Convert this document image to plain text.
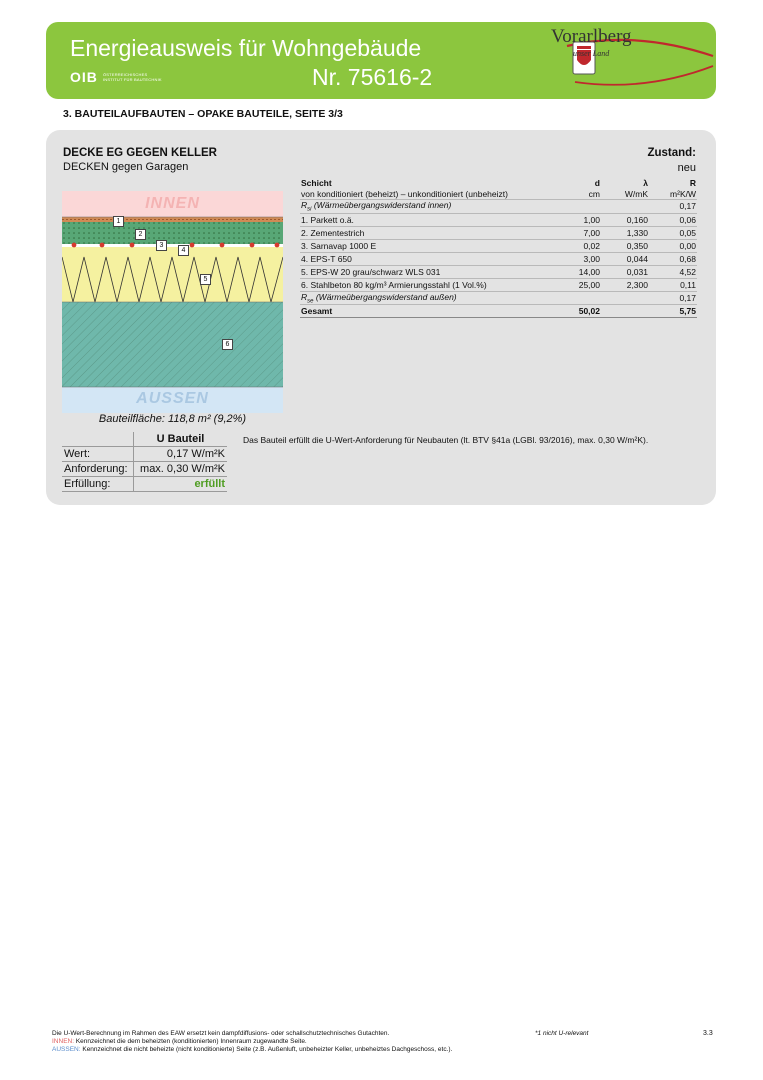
Energieausweis für Wohngebäude
Nr. 75616-2
OIB ÖSTERREICHISCHES INSTITUT FÜR BAUTECHNIK
Vorarlberg
unser Land
3. BAUTEILAUFBAUTEN – OPAKE BAUTEILE, SEITE 3/3
DECKE EG GEGEN KELLER
DECKEN gegen Garagen
Zustand:
neu
INNEN
AUSSEN
1
2
3
4
5
6
Bauteilfläche: 118,8 m² (9,2%)
Schicht	d	λ	R
von konditioniert (beheizt) – unkonditioniert (unbeheizt)	cm	W/mK	m²K/W
$R_{si}$ (Wärmeübergangswiderstand innen)			0,17
1. Parkett o.ä.	1,00	0,160	0,06
2. Zementestrich	7,00	1,330	0,05
3. Sarnavap 1000 E	0,02	0,350	0,00
4. EPS-T 650	3,00	0,044	0,68
5. EPS-W 20 grau/schwarz WLS 031	14,00	0,031	4,52
6. Stahlbeton 80 kg/m³ Armierungsstahl (1 Vol.%)	25,00	2,300	0,11
$R_{se}$ (Wärmeübergangswiderstand außen)			0,17
Gesamt	50,02		5,75
	U Bauteil
Wert:	0,17 W/m²K
Anforderung:	max. 0,30 W/m²K
Erfüllung:	erfüllt
Das Bauteil erfüllt die U-Wert-Anforderung für Neubauten (lt. BTV §41a (LGBl. 93/2016), max. 0,30 W/m²K).
Die U-Wert-Berechnung im Rahmen des EAW ersetzt kein dampfdiffusions- oder schallschutztechnisches Gutachten.
INNEN: Kennzeichnet die dem beheizten (konditionierten) Innenraum zugewandte Seite.
AUSSEN: Kennzeichnet die nicht beheizte (nicht konditionierte) Seite (z.B. Außenluft, unbeheizter Keller, unbeheiztes Dachgeschoss, etc.).
*1 nicht U-relevant	3.3
